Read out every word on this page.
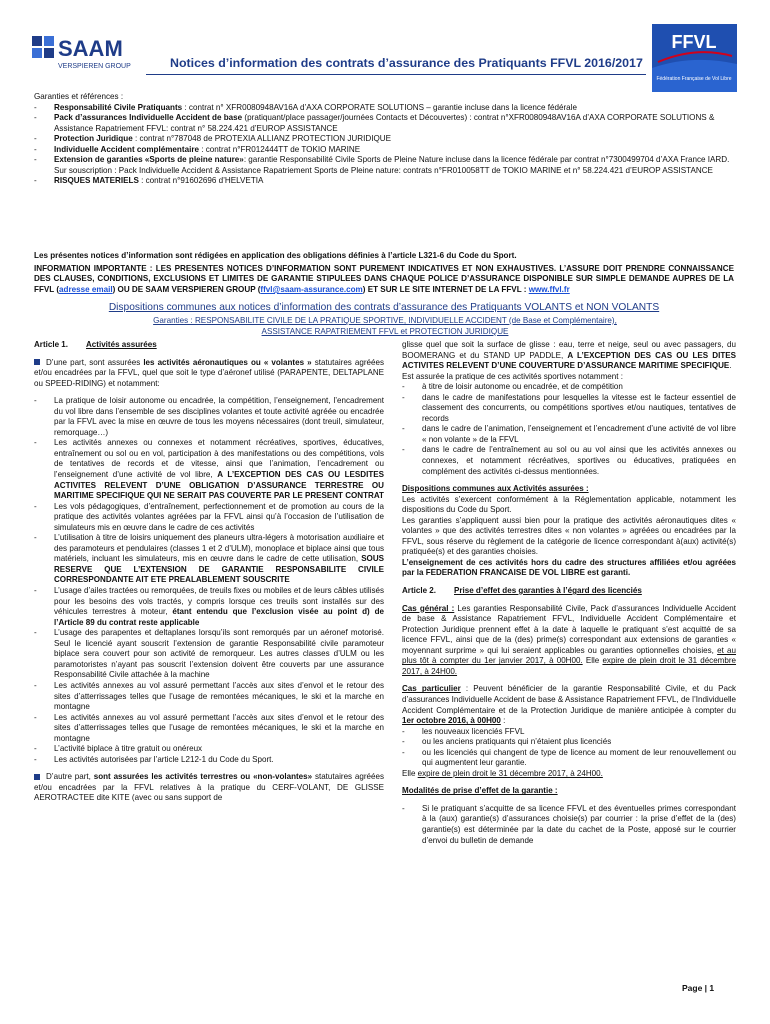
SAAM
VERSPIEREN GROUP
FFVL
Fédération Française de Vol Libre
Notices d’information des contrats d’assurance des Pratiquants FFVL 2016/2017

Garanties et références :

- Responsabilité Civile Pratiquants : contrat n° XFR0080948AV16A d’AXA CORPORATE SOLUTIONS – garantie incluse dans la licence fédérale
- Pack d’assurances Individuelle Accident de base (pratiquant/place passager/journées Contacts et Découvertes) : contrat n°XFR0080948AV16A d’AXA CORPORATE SOLUTIONS & Assistance Rapatriement FFVL: contrat n° 58.224.421 d’EUROP ASSISTANCE
- Protection Juridique : contrat n°787048 de PROTEXIA ALLIANZ PROTECTION JURIDIQUE
- Individuelle Accident complémentaire : contrat n°FR012444TT de TOKIO MARINE
- Extension de garanties «Sports de pleine nature»: garantie Responsabilité Civile Sports de Pleine Nature incluse dans la licence fédérale par contrat n°7300499704 d’AXA France IARD. Sur souscription : Pack Individuelle Accident & Assistance Rapatriement Sports de Pleine nature: contrats n°FR010058TT de TOKIO MARINE et n° 58.224.421 d’EUROP ASSISTANCE
- RISQUES MATERIELS : contrat n°91602696 d’HELVETIA

Les présentes notices d’information sont rédigées en application des obligations définies à l’article L321-6 du Code du Sport.

INFORMATION IMPORTANTE : LES PRESENTES NOTICES D’INFORMATION SONT PUREMENT INDICATIVES ET NON EXHAUSTIVES. L’ASSURE DOIT PRENDRE CONNAISSANCE DES CLAUSES, CONDITIONS, EXCLUSIONS ET LIMITES DE GARANTIE STIPULEES DANS CHAQUE POLICE D’ASSURANCE DISPONIBLE SUR SIMPLE DEMANDE AUPRES DE LA FFVL (adresse email) OU DE SAAM VERSPIEREN GROUP (ffvl@saam-assurance.com) ET SUR LE SITE INTERNET DE LA FFVL : www.ffvl.fr

Dispositions communes aux notices d’information des contrats d’assurance des Pratiquants VOLANTS et NON VOLANTS
Garanties : RESPONSABILITE CIVILE DE LA PRATIQUE SPORTIVE, INDIVIDUELLE ACCIDENT (de Base et Complémentaire),
ASSISTANCE RAPATRIEMENT FFVL et PROTECTION JURIDIQUE

Article 1. Activités assurées

D’une part, sont assurées les activités aéronautiques ou « volantes » statutaires agréées et/ou encadrées par la FFVL, quel que soit le type d’aéronef utilisé (PARAPENTE, DELTAPLANE ou SPEED-RIDING) et notamment:

- La pratique de loisir autonome ou encadrée, la compétition, l’enseignement, l’encadrement du vol libre dans l’ensemble de ses disciplines volantes et toute activité agréée ou encadrée par la FFVL avec la mise en œuvre de tous les moyens nécessaires (dont treuil, simulateur, remorquage…)
- Les activités annexes ou connexes et notamment récréatives, sportives, éducatives, entraînement ou sol ou en vol, participation à des manifestations ou des compétitions, vols de tentatives de records et de vitesse, ainsi que l’animation, l’encadrement ou l’enseignement d’une activité de vol libre, A L’EXCEPTION DES CAS OU LESDITES ACTIVITES RELEVENT D’UNE OBLIGATION D’ASSURANCE TERRESTRE OU MARITIME SPECIFIQUE QUI NE SERAIT PAS COUVERTE PAR LE PRESENT CONTRAT
- Les vols pédagogiques, d’entraînement, perfectionnement et de promotion au cours de la pratique des activités volantes agréées par la FFVL ainsi qu’à l’occasion de l’utilisation de simulateurs mis en œuvre dans le cadre de ces activités
- L’utilisation à titre de loisirs uniquement des planeurs ultra-légers à motorisation auxiliaire et des paramoteurs et pendulaires (classes 1 et 2 d’ULM), monoplace et biplace ainsi que tous matériels, incluant les simulateurs, mis en œuvre dans le cadre de cette utilisation, SOUS RESERVE QUE L’EXTENSION DE GARANTIE RESPONSABILITE CIVILE CORRESPONDANTE AIT ETE PREALABLEMENT SOUSCRITE
- L’usage d’ailes tractées ou remorquées, de treuils fixes ou mobiles et de leurs câbles utilisés pour les besoins des vols tractés, y compris lorsque ces treuils sont installés sur des véhicules terrestres à moteur, étant entendu que l’exclusion visée au point d) de l’Article 89 du contrat reste applicable
- L’usage des parapentes et deltaplanes lorsqu’ils sont remorqués par un aéronef motorisé. Seul le licencié ayant souscrit l’extension de garantie Responsabilité civile paramoteur biplace sera couvert pour son activité de remorqueur. Les autres classes d’ULM ou les paramotoristes n’ayant pas souscrit l’extension doivent être couverts par une assurance Responsabilité Civile attachée à la machine
- Les activités annexes au vol assuré permettant l’accès aux sites d’envol et le retour des sites d’atterrissages telles que l’usage de remontées mécaniques, le ski et la marche en montagne
- Les activités annexes au vol assuré permettant l’accès aux sites d’envol et le retour des sites d’atterrissages telles que l’usage de remontées mécaniques, le ski et la marche en montagne
- L’activité biplace à titre gratuit ou onéreux
- Les activités autorisées par l’article L212-1 du Code du Sport.

D’autre part, sont assurées les activités terrestres ou «non-volantes» statutaires agréées et/ou encadrées par la FFVL relatives à la pratique du CERF-VOLANT, DE GLISSE AEROTRACTEE dite KITE (avec ou sans support de

glisse quel que soit la surface de glisse : eau, terre et neige, seul ou avec passagers, du BOOMERANG et du STAND UP PADDLE, A L’EXCEPTION DES CAS OU LES DITES ACTIVITES RELEVENT D’UNE COUVERTURE D’ASSURANCE MARITIME SPECIFIQUE.

Est assurée la pratique de ces activités sportives notamment :

- à titre de loisir autonome ou encadrée, et de compétition
- dans le cadre de manifestations pour lesquelles la vitesse est le facteur essentiel de classement des concurrents, ou compétitions sportives et/ou nautiques, tentatives de records
- dans le cadre de l’animation, l’enseignement et l’encadrement d’une activité de vol libre « non volante » de la FFVL
- dans le cadre de l’entraînement au sol ou au vol ainsi que les activités annexes ou connexes, et notamment récréatives, sportives ou éducatives, pratiquées en complément des activités ci-dessus mentionnées.

Dispositions communes aux Activités assurées :

Les activités s’exercent conformément à la Réglementation applicable, notamment les dispositions du Code du Sport.

Les garanties s’appliquent aussi bien pour la pratique des activités aéronautiques dites « volantes » que des activités terrestres dites « non volantes » agréées ou encadrées par la FFVL, sous réserve du règlement de la catégorie de licence correspondant à(aux) activité(s) pratiquée(s) et des garanties choisies.

L’enseignement de ces activités hors du cadre des structures affiliées et/ou agréées par la FEDERATION FRANCAISE DE VOL LIBRE est garanti.

Article 2. Prise d’effet des garanties à l’égard des licenciés

Cas général : Les garanties Responsabilité Civile, Pack d’assurances Individuelle Accident de base & Assistance Rapatriement FFVL, Individuelle Accident Complémentaire et Protection Juridique prennent effet à la date à laquelle le pratiquant s’est acquitté de sa licence FFVL, ainsi que de la (des) prime(s) correspondant aux extensions de garanties « moyennant surprime » qui lui seraient applicables ou garanties optionnelles choisies, et au plus tôt à compter du 1er janvier 2017, à 00H00. Elle expire de plein droit le 31 décembre 2017, à 24H00.

Cas particulier : Peuvent bénéficier de la garantie Responsabilité Civile, et du Pack d’assurances Individuelle Accident de base & Assistance Rapatriement FFVL, de l’Individuelle Accident Complémentaire et de la Protection Juridique de manière anticipée à compter du 1er octobre 2016, à 00H00 :

- les nouveaux licenciés FFVL
- ou les anciens pratiquants qui n’étaient plus licenciés
- ou les licenciés qui changent de type de licence au moment de leur renouvellement ou qui augmentent leur garantie.

Elle expire de plein droit le 31 décembre 2017, à 24H00.

Modalités de prise d’effet de la garantie :

- Si le pratiquant s’acquitte de sa licence FFVL et des éventuelles primes correspondant à la (aux) garantie(s) d’assurances choisie(s) par courrier : la prise d’effet de la (des) garantie(s) est déterminée par la date du cachet de la Poste, apposé sur le courrier d’envoi du bulletin de demande
Page | 1
